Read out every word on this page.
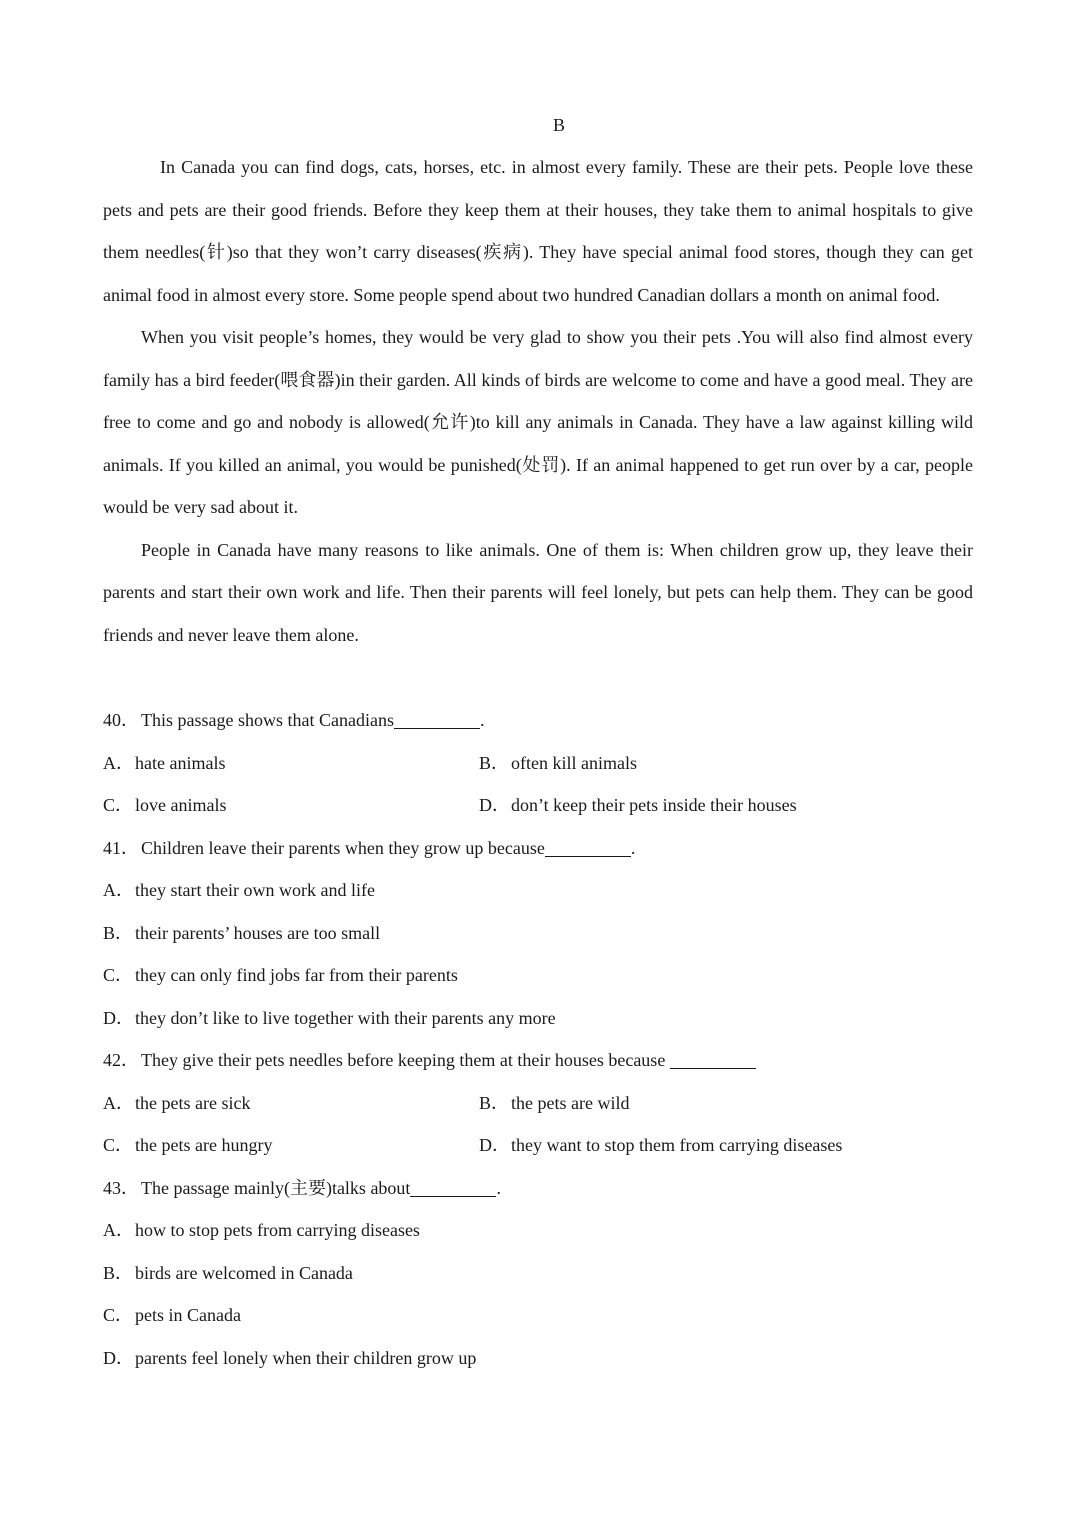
B

In Canada you can find dogs, cats, horses, etc. in almost every family. These are their pets. People love these pets and pets are their good friends. Before they keep them at their houses, they take them to animal hospitals to give them needles(针)so that they won’t carry diseases(疾病). They have special animal food stores, though they can get animal food in almost every store. Some people spend about two hundred Canadian dollars a month on animal food.

When you visit people’s homes, they would be very glad to show you their pets .You will also find almost every family has a bird feeder(喂食器)in their garden. All kinds of birds are welcome to come and have a good meal. They are free to come and go and nobody is allowed(允许)to kill any animals in Canada. They have a law against killing wild animals. If you killed an animal, you would be punished(处罚). If an animal happened to get run over by a car, people would be very sad about it.

People in Canada have many reasons to like animals. One of them is: When children grow up, they leave their parents and start their own work and life. Then their parents will feel lonely, but pets can help them. They can be good friends and never leave them alone.

40． This passage shows that Canadians	.
A．hate animals	B． often kill animals
C． love animals	D．don’t keep their pets inside their houses
41． Children leave their parents when they grow up because	.
A．they start their own work and life
B． their parents’ houses are too small
C． they can only find jobs far from their parents
D．they don’t like to live together with their parents any more
42． They give their pets needles before keeping them at their houses because
A．the pets are sick	B． the pets are wild
C． the pets are hungry	D．they want to stop them from carrying diseases
43． The passage mainly(主要)talks about	.
A．how to stop pets from carrying diseases
B． birds are welcomed in Canada
C． pets in Canada
D．parents feel lonely when their children grow up
